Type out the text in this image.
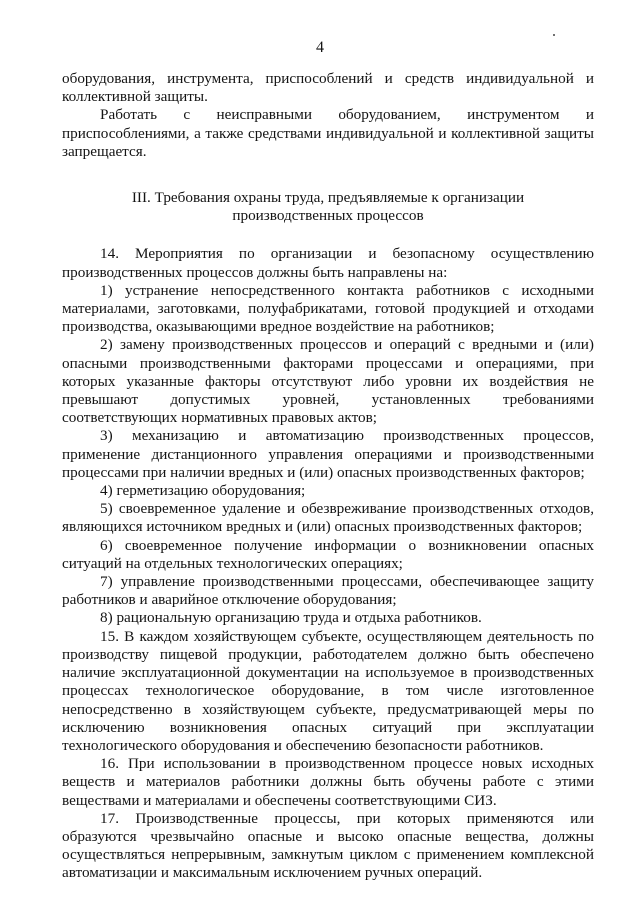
4

оборудования, инструмента, приспособлений и средств индивидуальной и коллективной защиты.

Работать с неисправными оборудованием, инструментом и приспособлениями, а также средствами индивидуальной и коллективной защиты запрещается.

III. Требования охраны труда, предъявляемые к организации производственных процессов

14. Мероприятия по организации и безопасному осуществлению производственных процессов должны быть направлены на:

1) устранение непосредственного контакта работников с исходными материалами, заготовками, полуфабрикатами, готовой продукцией и отходами производства, оказывающими вредное воздействие на работников;

2) замену производственных процессов и операций с вредными и (или) опасными производственными факторами процессами и операциями, при которых указанные факторы отсутствуют либо уровни их воздействия не превышают допустимых уровней, установленных требованиями соответствующих нормативных правовых актов;

3) механизацию и автоматизацию производственных процессов, применение дистанционного управления операциями и производственными процессами при наличии вредных и (или) опасных производственных факторов;

4) герметизацию оборудования;

5) своевременное удаление и обезвреживание производственных отходов, являющихся источником вредных и (или) опасных производственных факторов;

6) своевременное получение информации о возникновении опасных ситуаций на отдельных технологических операциях;

7) управление производственными процессами, обеспечивающее защиту работников и аварийное отключение оборудования;

8) рациональную организацию труда и отдыха работников.

15. В каждом хозяйствующем субъекте, осуществляющем деятельность по производству пищевой продукции, работодателем должно быть обеспечено наличие эксплуатационной документации на используемое в производственных процессах технологическое оборудование, в том числе изготовленное непосредственно в хозяйствующем субъекте, предусматривающей меры по исключению возникновения опасных ситуаций при эксплуатации технологического оборудования и обеспечению безопасности работников.

16. При использовании в производственном процессе новых исходных веществ и материалов работники должны быть обучены работе с этими веществами и материалами и обеспечены соответствующими СИЗ.

17. Производственные процессы, при которых применяются или образуются чрезвычайно опасные и высоко опасные вещества, должны осуществляться непрерывным, замкнутым циклом с применением комплексной автоматизации и максимальным исключением ручных операций.
